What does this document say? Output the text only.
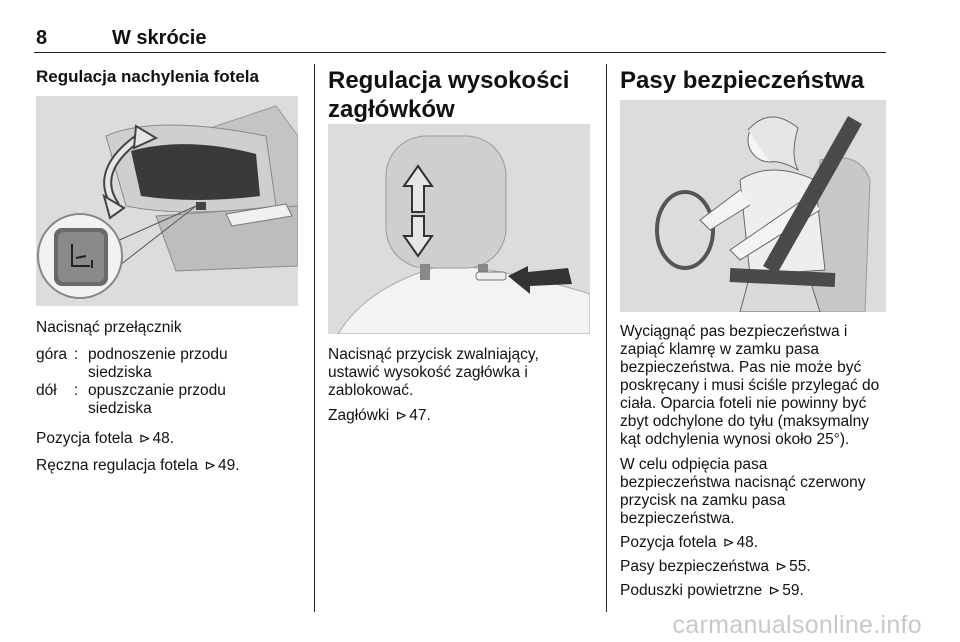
8	W skrócie
Regulacja nachylenia fotela

Nacisnąć przełącznik

góra : podnoszenie przodu
siedziska
dół : opuszczanie przodu
siedziska
Pozycja fotela ⊳ 48.
Ręczna regulacja fotela ⊳ 49.
Regulacja wysokości
zagłówków

Nacisnąć przycisk zwalniający,
ustawić wysokość zagłówka i
zablokować.

Zagłówki ⊳ 47.
Pasy bezpieczeństwa

Wyciągnąć pas bezpieczeństwa i
zapiąć klamrę w zamku pasa
bezpieczeństwa. Pas nie może być
poskręcany i musi ściśle przylegać do
ciała. Oparcia foteli nie powinny być
zbyt odchylone do tyłu (maksymalny
kąt odchylenia wynosi około 25°).

W celu odpięcia pasa
bezpieczeństwa nacisnąć czerwony
przycisk na zamku pasa
bezpieczeństwa.

Pozycja fotela ⊳ 48.
Pasy bezpieczeństwa ⊳ 55.
Poduszki powietrzne ⊳ 59.
carmanualsonline.info
